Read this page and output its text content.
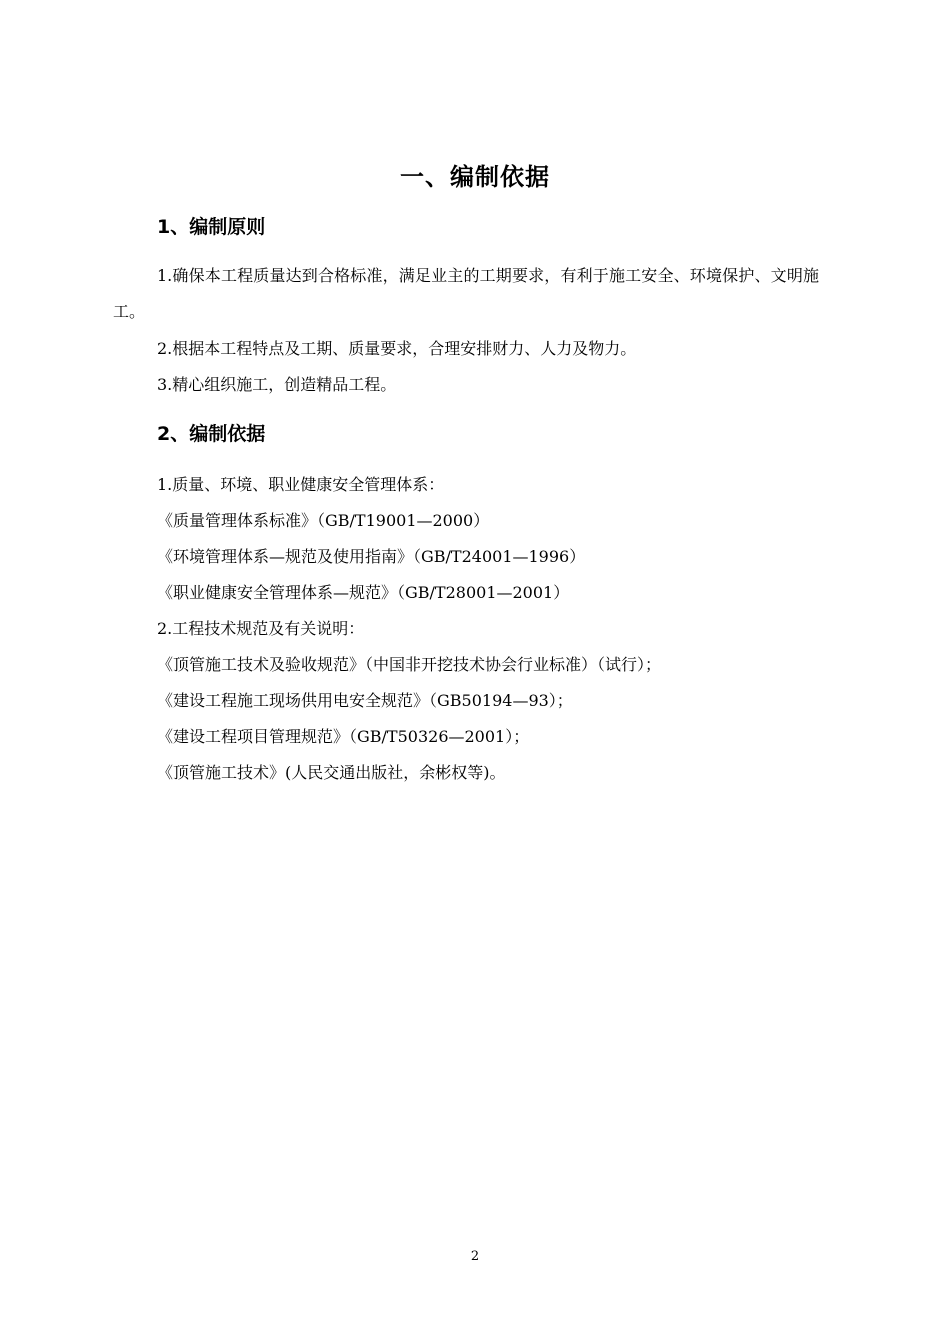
一、编制依据
1、编制原则
1.确保本工程质量达到合格标准，满足业主的工期要求，有利于施工安全、环境保护、文明施工。
2.根据本工程特点及工期、质量要求，合理安排财力、人力及物力。
3.精心组织施工，创造精品工程。
2、编制依据
1.质量、环境、职业健康安全管理体系：
《质量管理体系标准》（GB/T19001—2000）
《环境管理体系—规范及使用指南》（GB/T24001—1996）
《职业健康安全管理体系—规范》（GB/T28001—2001）
2.工程技术规范及有关说明：
《顶管施工技术及验收规范》（中国非开挖技术协会行业标准）（试行）；
《建设工程施工现场供用电安全规范》（GB50194—93）；
《建设工程项目管理规范》（GB/T50326—2001）；
《顶管施工技术》(人民交通出版社，余彬权等)。
2
